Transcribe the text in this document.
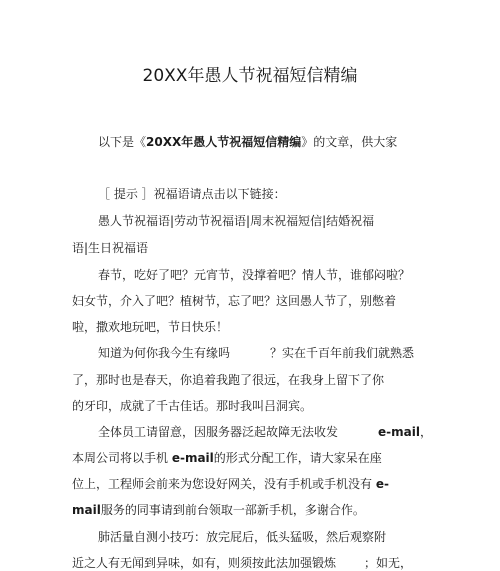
20XX年愚人节祝福短信精编
以下是《20XX年愚人节祝福短信精编》的文章，供大家
［ 提示 ］祝福语请点击以下链接：
愚人节祝福语|劳动节祝福语|周末祝福短信|结婚祝福
语|生日祝福语
春节，吃好了吧？元宵节，没撑着吧？情人节，谁郁闷啦？
妇女节，介入了吧？植树节，忘了吧？这回愚人节了，别憋着
啦，撒欢地玩吧，节日快乐！
知道为何你我今生有缘吗	？实在千百年前我们就熟悉
了，那时也是春天，你追着我跑了很远，在我身上留下了你
的牙印，成就了千古佳话。那时我叫吕洞宾。
全体员工请留意，因服务器泛起故障无法收发	e-mail，
本周公司将以手机 e-mail的形式分配工作，请大家呆在座
位上，工程师会前来为您设好网关，没有手机或手机没有 e-
mail服务的同事请到前台领取一部新手机，多谢合作。
肺活量自测小技巧：放完屁后，低头猛吸，然后观察附
近之人有无闻到异味，如有，则须按此法加强锻炼 ；如无，
